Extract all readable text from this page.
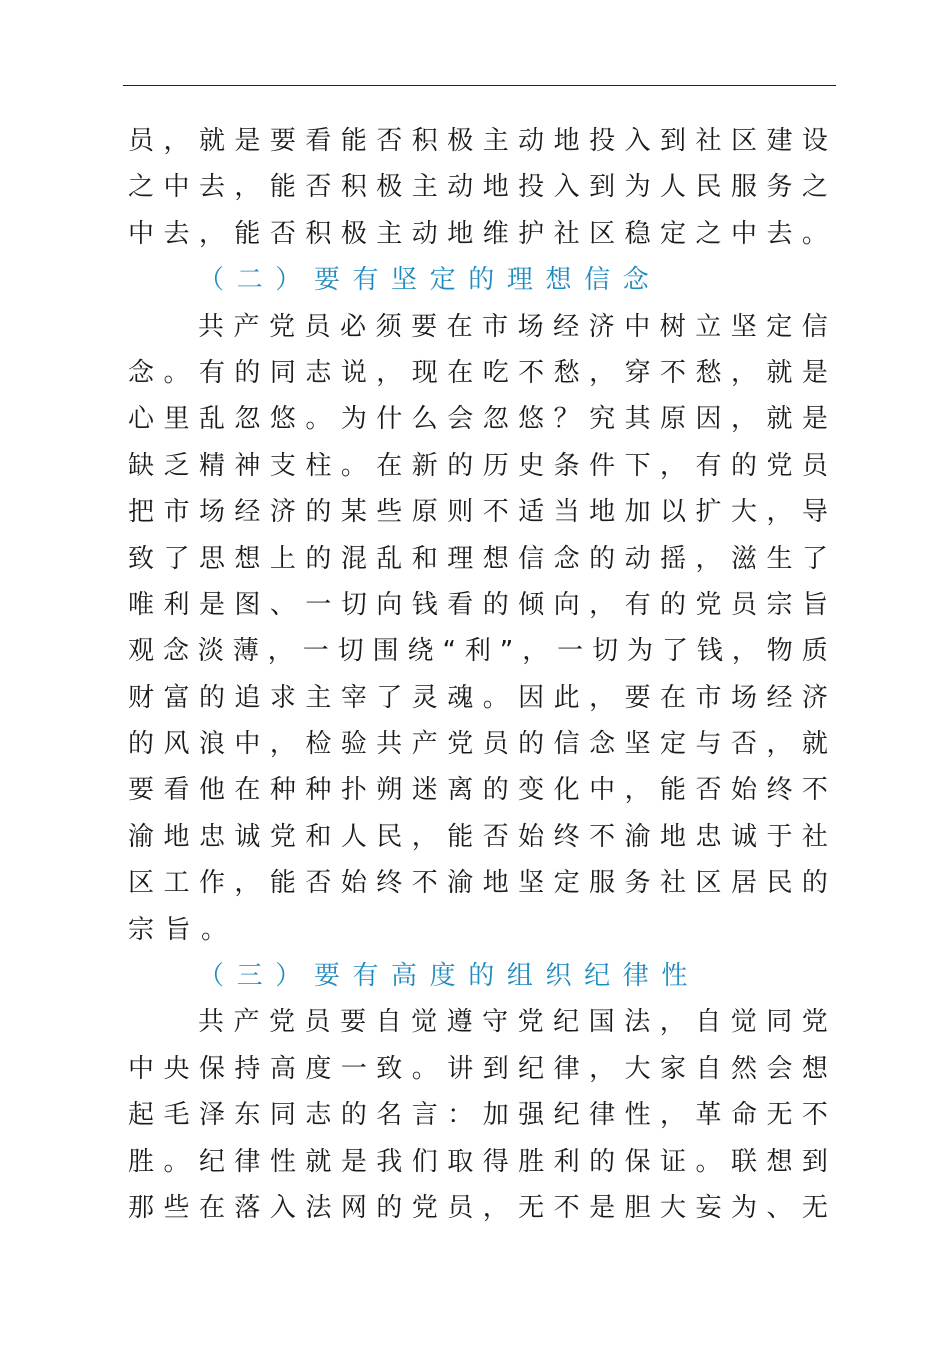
员 ， 就 是 要 看 能 否 积 极 主 动 地 投 入 到 社 区 建 设
之 中 去 ， 能 否 积 极 主 动 地 投 入 到 为 人 民 服 务 之
中 去 ， 能 否 积 极 主 动 地 维 护 社 区 稳 定 之 中 去 。
（ 二 ） 要 有 坚 定 的 理 想 信 念
共 产 党 员 必 须 要 在 市 场 经 济 中 树 立 坚 定 信
念 。 有 的 同 志 说 ， 现 在 吃 不 愁 ， 穿 不 愁 ， 就 是
心 里 乱 忽 悠 。 为 什 么 会 忽 悠 ？ 究 其 原 因 ， 就 是
缺 乏 精 神 支 柱 。 在 新 的 历 史 条 件 下 ， 有 的 党 员
把 市 场 经 济 的 某 些 原 则 不 适 当 地 加 以 扩 大 ， 导
致 了 思 想 上 的 混 乱 和 理 想 信 念 的 动 摇 ， 滋 生 了
唯 利 是 图 、 一 切 向 钱 看 的 倾 向 ， 有 的 党 员 宗 旨
观 念 淡 薄 ， 一 切 围 绕 “ 利 ” ， 一 切 为 了 钱 ， 物 质
财 富 的 追 求 主 宰 了 灵 魂 。 因 此 ， 要 在 市 场 经 济
的 风 浪 中 ， 检 验 共 产 党 员 的 信 念 坚 定 与 否 ， 就
要 看 他 在 种 种 扑 朔 迷 离 的 变 化 中 ， 能 否 始 终 不
渝 地 忠 诚 党 和 人 民 ， 能 否 始 终 不 渝 地 忠 诚 于 社
区 工 作 ， 能 否 始 终 不 渝 地 坚 定 服 务 社 区 居 民 的
宗 旨 。
（ 三 ） 要 有 高 度 的 组 织 纪 律 性
共 产 党 员 要 自 觉 遵 守 党 纪 国 法 ， 自 觉 同 党
中 央 保 持 高 度 一 致 。 讲 到 纪 律 ， 大 家 自 然 会 想
起 毛 泽 东 同 志 的 名 言 ： 加 强 纪 律 性 ， 革 命 无 不
胜 。 纪 律 性 就 是 我 们 取 得 胜 利 的 保 证 。 联 想 到
那 些 在 落 入 法 网 的 党 员 ， 无 不 是 胆 大 妄 为 、 无
